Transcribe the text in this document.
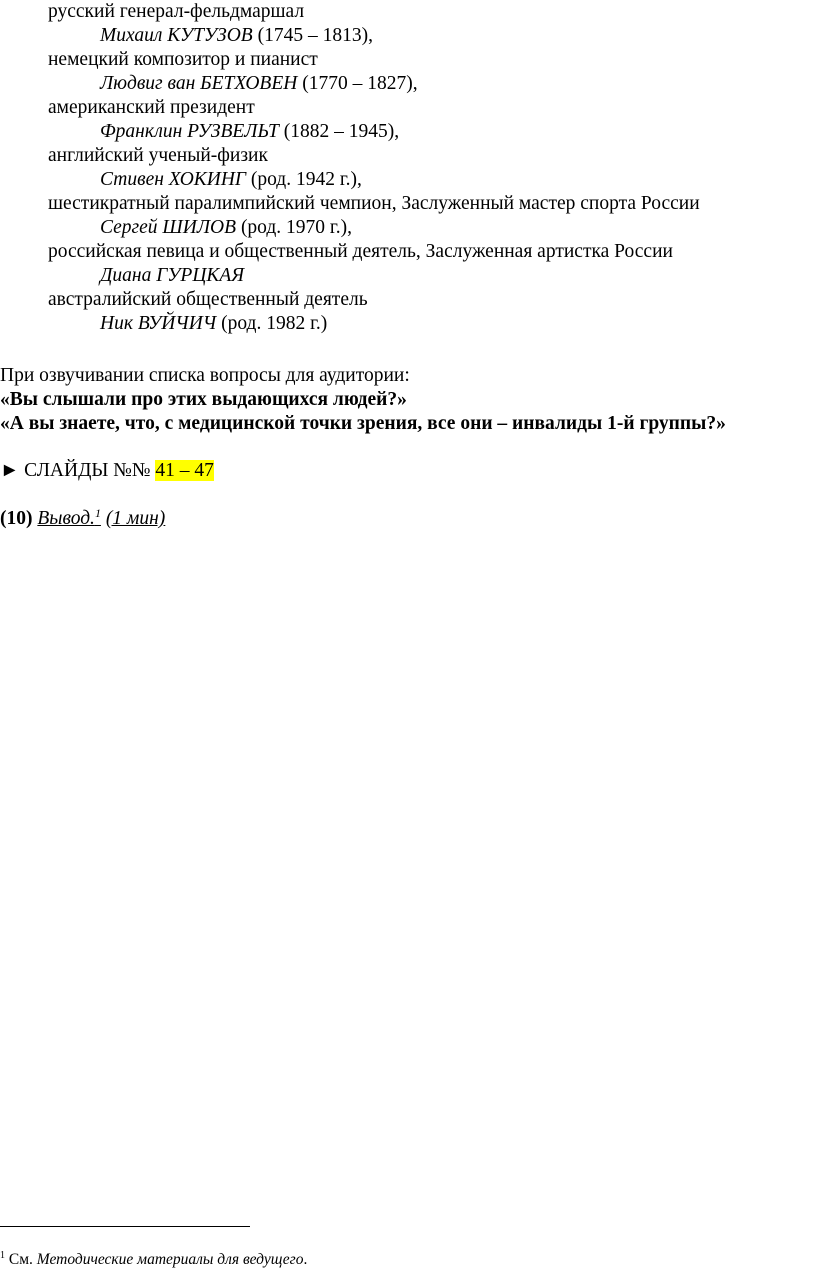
русский генерал-фельдмаршал
Михаил КУТУЗОВ (1745 – 1813),
немецкий композитор и пианист
Людвиг ван БЕТХОВЕН (1770 – 1827),
американский президент
Франклин РУЗВЕЛЬТ (1882 – 1945),
английский ученый-физик
Стивен ХОКИНГ (род. 1942 г.),
шестикратный паралимпийский чемпион, Заслуженный мастер спорта России
Сергей ШИЛОВ (род. 1970 г.),
российская певица и общественный деятель, Заслуженная артистка России
Диана ГУРЦКАЯ
австралийский общественный деятель
Ник ВУЙЧИЧ (род. 1982 г.)
При озвучивании списка вопросы для аудитории:
«Вы слышали про этих выдающихся людей?»
«А вы знаете, что, с медицинской точки зрения, все они – инвалиды 1-й группы?»
► СЛАЙДЫ №№ 41 – 47
(10) Вывод.$^1$ (1 мин)
$^1$ См. Методические материалы для ведущего.
